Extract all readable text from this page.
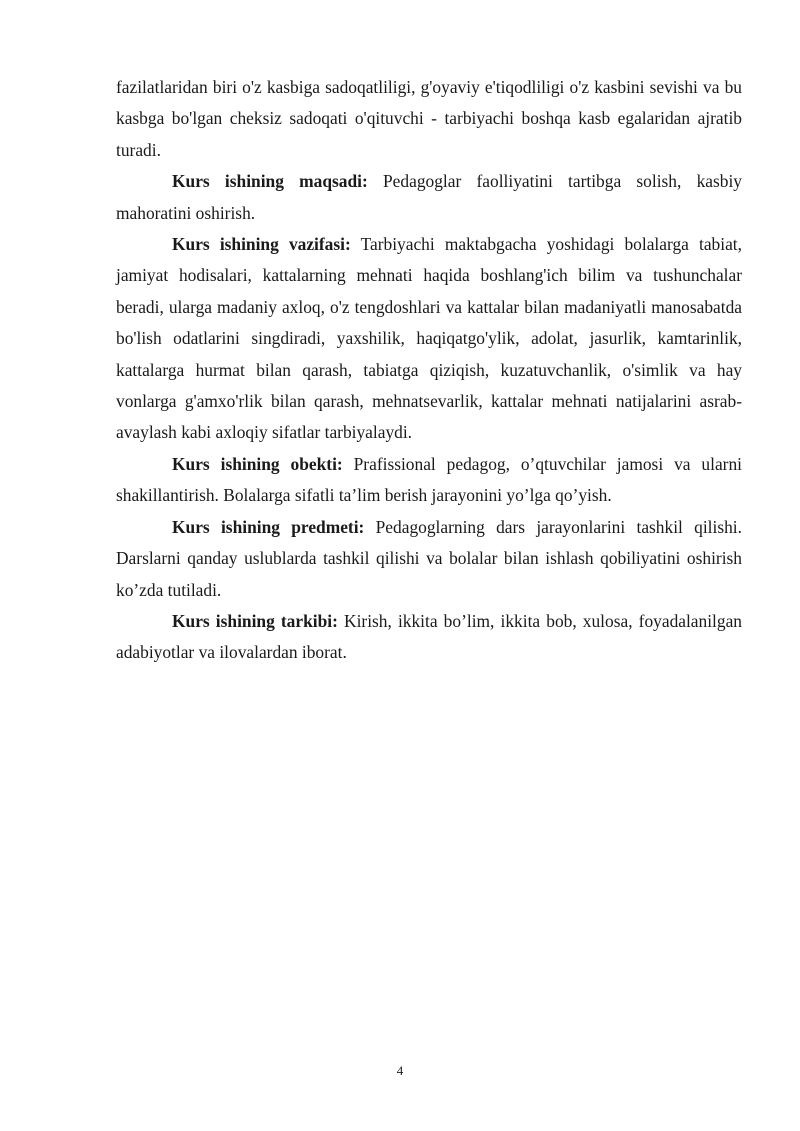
fazilatlaridan biri o'z kasbiga sadoqatliligi, g'oyaviy e'tiqodliligi o'z kasbini sevishi va bu kasbga bo'lgan cheksiz sadoqati o'qituvchi - tarbiyachi boshqa kasb egalaridan ajratib turadi.

Kurs ishining maqsadi: Pedagoglar faolliyatini tartibga solish, kasbiy mahoratini oshirish.

Kurs ishining vazifasi: Tarbiyachi maktabgacha yoshidagi bolalarga tabiat, jamiyat hodisalari, kattalarning mehnati haqida boshlang'ich bilim va tushunchalar beradi, ularga madaniy axloq, o'z tengdoshlari va kattalar bilan madaniyatli manosabatda bo'lish odatlarini singdiradi, yaxshilik, haqiqatgo'ylik, adolat, jasurlik, kamtarinlik, kattalarga hurmat bilan qarash, tabiatga qiziqish, kuzatuvchanlik, o'simlik va hay vonlarga g'amxo'rlik bilan qarash, mehnatsevarlik, kattalar mehnati natijalarini asrab-avaylash kabi axloqiy sifatlar tarbiyalaydi.

Kurs ishining obekti: Prafissional pedagog, o’qtuvchilar jamosi va ularni shakillantirish. Bolalarga sifatli ta’lim berish jarayonini yo’lga qo’yish.

Kurs ishining predmeti: Pedagoglarning dars jarayonlarini tashkil qilishi. Darslarni qanday uslublarda tashkil qilishi va bolalar bilan ishlash qobiliyatini oshirish ko’zda tutiladi.

Kurs ishining tarkibi: Kirish, ikkita bo’lim, ikkita bob, xulosa, foyadalanilgan adabiyotlar va ilovalardan iborat.

4
